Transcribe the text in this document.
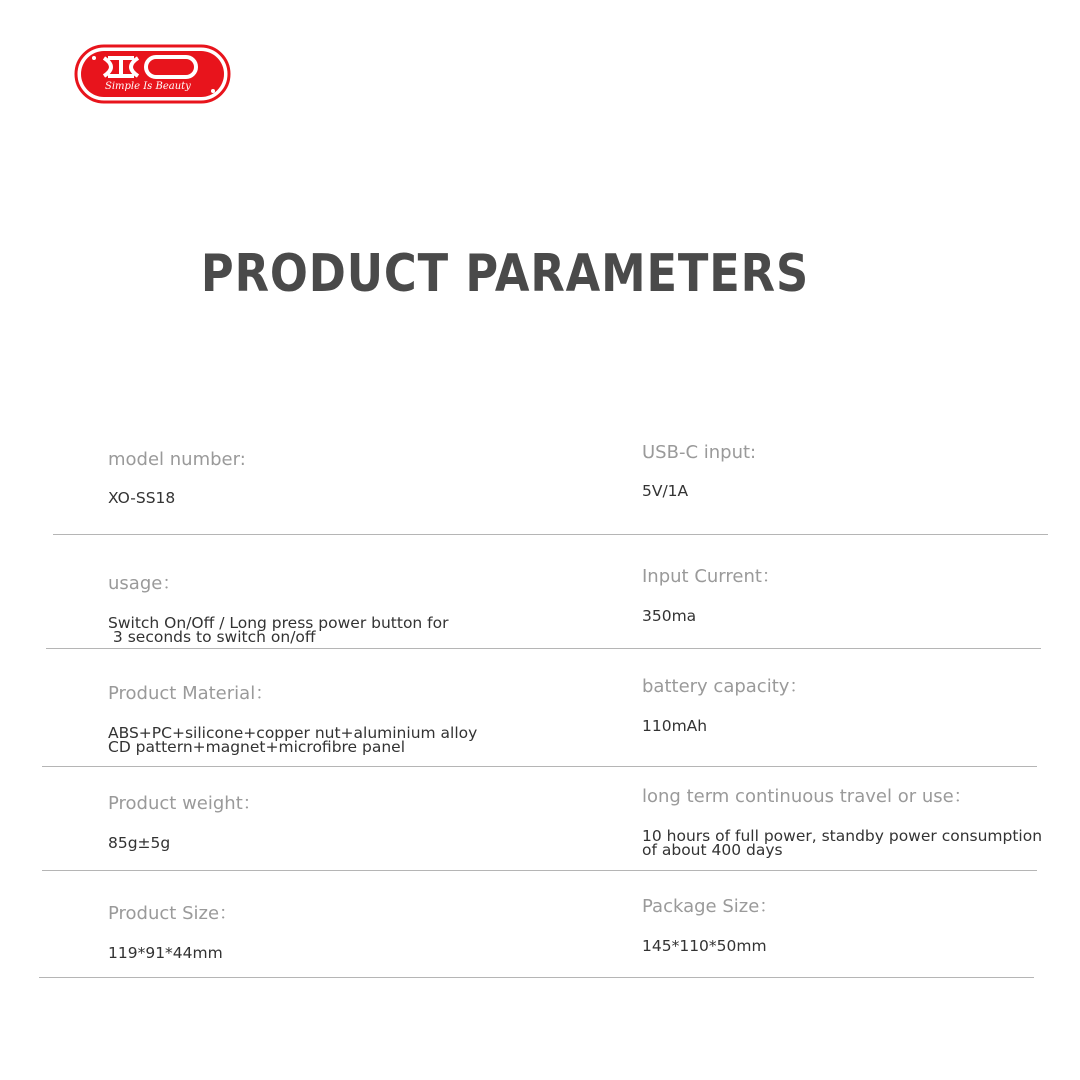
Simple Is Beauty
PRODUCT PARAMETERS
model number:
XO-SS18
USB-C input:
5V/1A
usage：
Switch On/Off / Long press power button for
3 seconds to switch on/off
Input Current：
350ma
Product Material：
ABS+PC+silicone+copper nut+aluminium alloy
CD pattern+magnet+microfibre panel
battery capacity：
110mAh
Product weight：
85g±5g
long term continuous travel or use：
10 hours of full power, standby power consumption
of about 400 days
Product Size：
119*91*44mm
Package Size：
145*110*50mm
